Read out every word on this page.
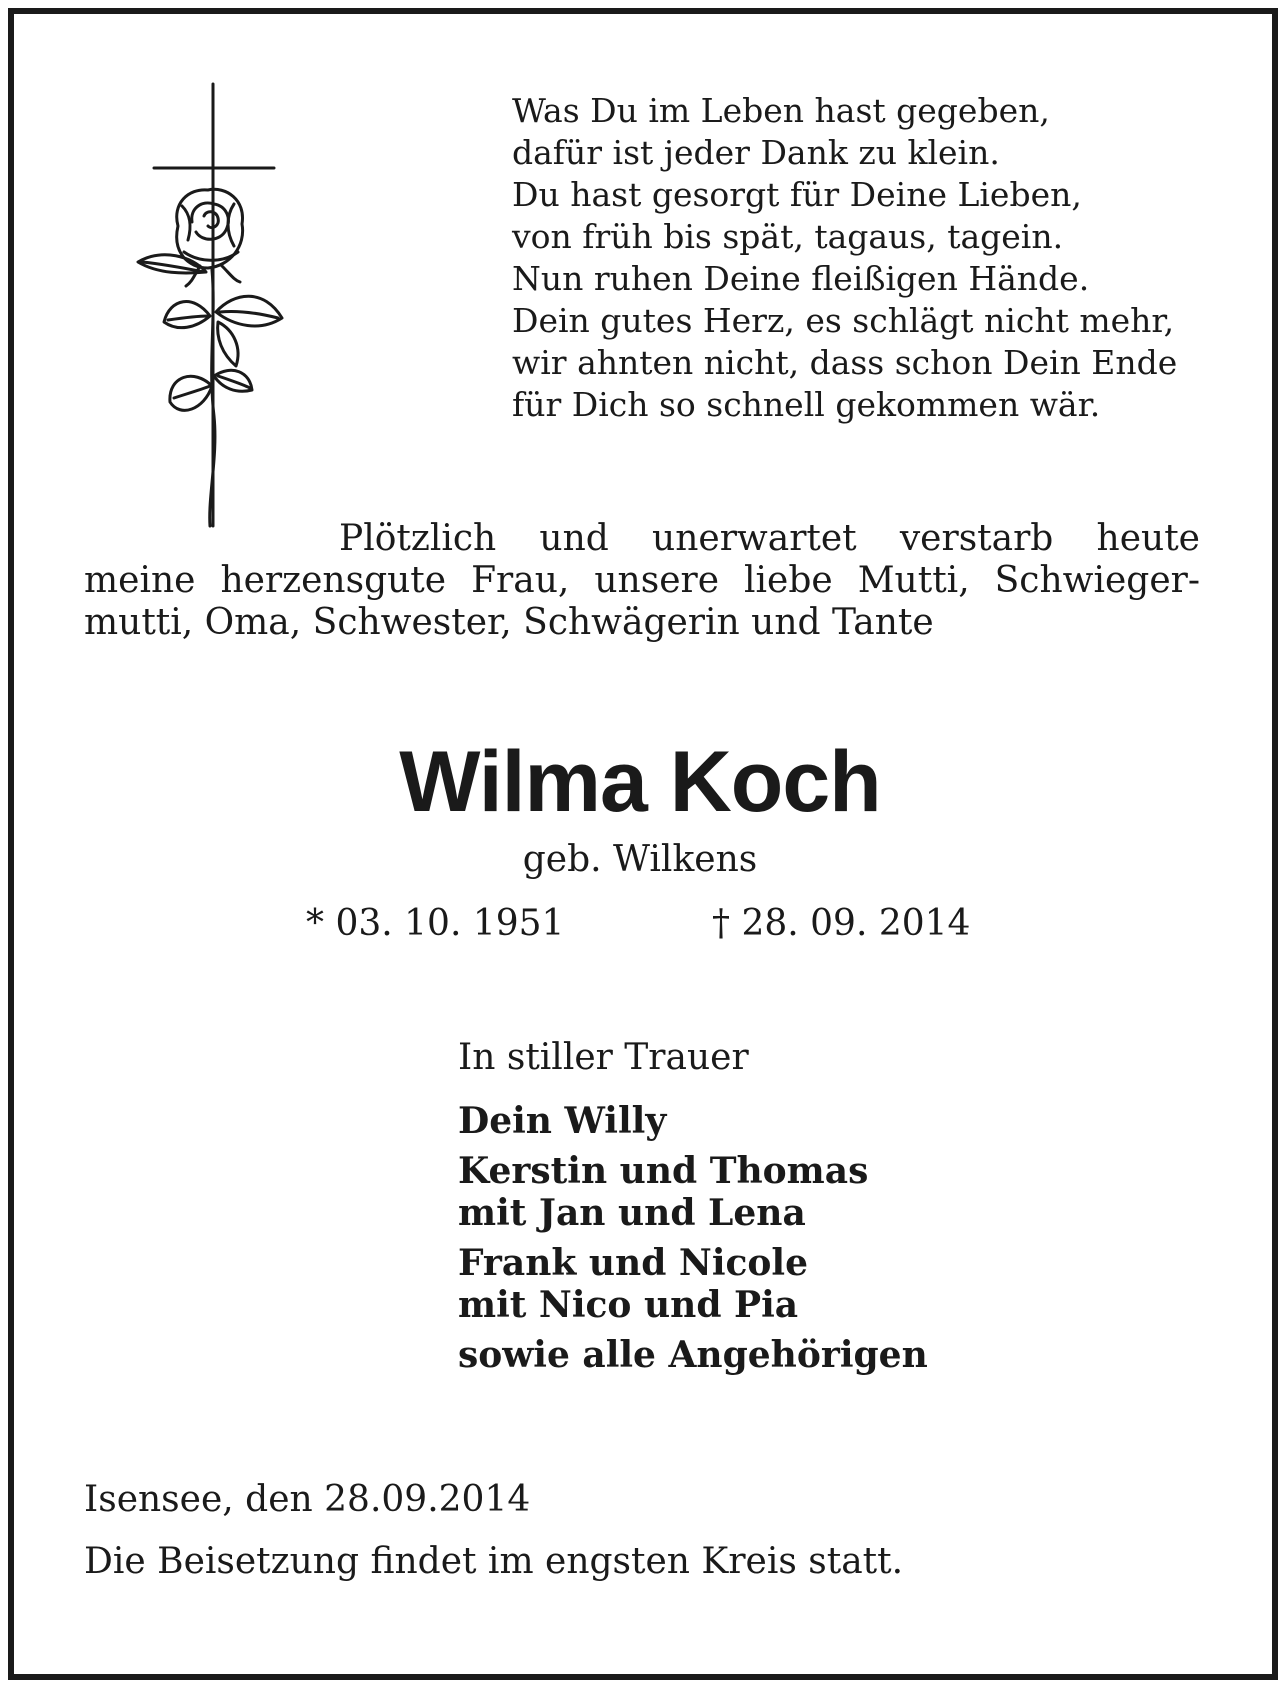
Was Du im Leben hast gegeben,
dafür ist jeder Dank zu klein.
Du hast gesorgt für Deine Lieben,
von früh bis spät, tagaus, tagein.
Nun ruhen Deine fleißigen Hände.
Dein gutes Herz, es schlägt nicht mehr,
wir ahnten nicht, dass schon Dein Ende
für Dich so schnell gekommen wär.
Plötzlich und unerwartet verstarb heute
meine herzensgute Frau, unsere liebe Mutti, Schwieger-
mutti, Oma, Schwester, Schwägerin und Tante
Wilma Koch
geb. Wilkens
* 03. 10. 1951	† 28. 09. 2014
In stiller Trauer
Dein Willy
Kerstin und Thomas
mit Jan und Lena
Frank und Nicole
mit Nico und Pia
sowie alle Angehörigen
Isensee, den 28.09.2014
Die Beisetzung findet im engsten Kreis statt.
